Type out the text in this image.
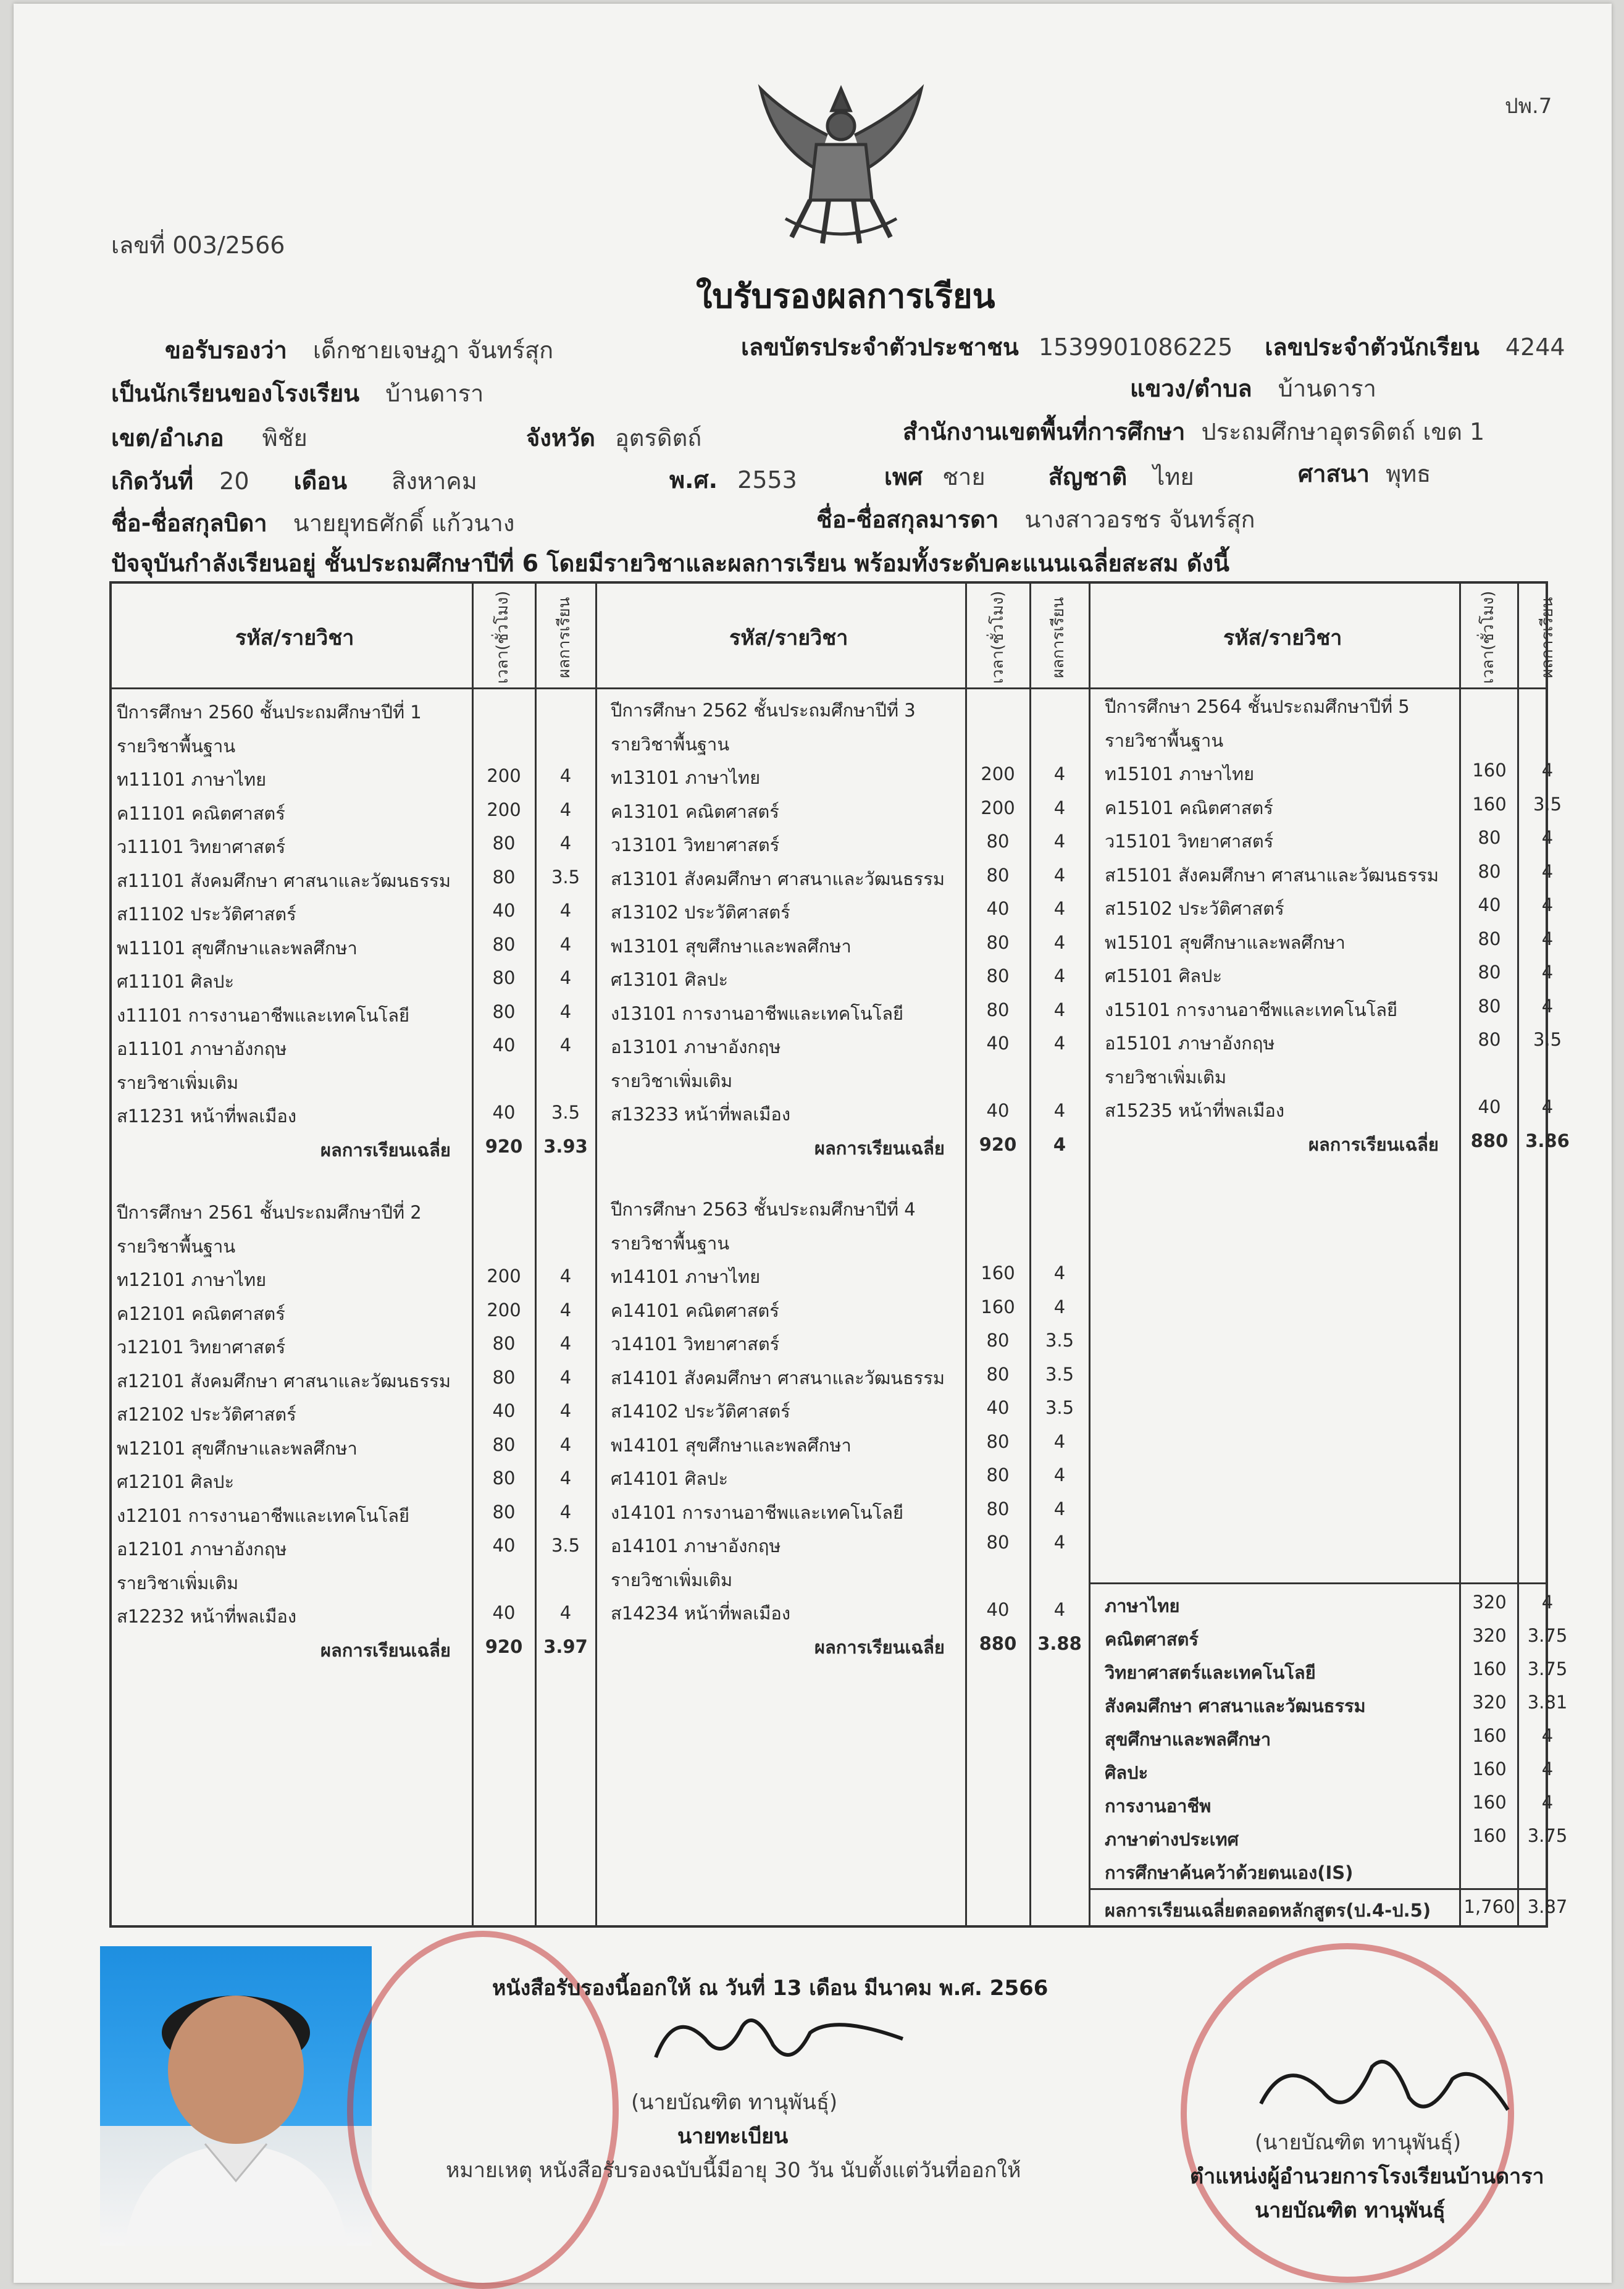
ปพ.7
เลขที่ 003/2566
ใบรับรองผลการเรียน
ขอรับรองว่า เด็กชายเจษฎา จันทร์สุก	เลขบัตรประจำตัวประชาชน 1539901086225 เลขประจำตัวนักเรียน 4244
เป็นนักเรียนของโรงเรียน บ้านดารา	แขวง/ตำบล บ้านดารา
เขต/อำเภอ พิชัย	จังหวัด อุตรดิตถ์	สำนักงานเขตพื้นที่การศึกษา ประถมศึกษาอุตรดิตถ์ เขต 1
เกิดวันที่ 20 เดือน สิงหาคม	พ.ศ. 2553	เพศ ชาย	สัญชาติ ไทย	ศาสนา พุทธ
ชื่อ-ชื่อสกุลบิดา นายยุทธศักดิ์ แก้วนาง	ชื่อ-ชื่อสกุลมารดา นางสาวอรชร จันทร์สุก
ปัจจุบันกำลังเรียนอยู่ ชั้นประถมศึกษาปีที่ 6 โดยมีรายวิชาและผลการเรียน พร้อมทั้งระดับคะแนนเฉลี่ยสะสม ดังนี้
รหัส/รายวิชา	เวลา(ชั่วโมง)	ผลการเรียน	รหัส/รายวิชา	เวลา(ชั่วโมง)	ผลการเรียน	รหัส/รายวิชา	เวลา(ชั่วโมง)	ผลการเรียน
ปีการศึกษา 2560 ชั้นประถมศึกษาปีที่ 1
รายวิชาพื้นฐาน
ท11101 ภาษาไทย	200	4
ค11101 คณิตศาสตร์	200	4
ว11101 วิทยาศาสตร์	80	4
ส11101 สังคมศึกษา ศาสนาและวัฒนธรรม	80	3.5
ส11102 ประวัติศาสตร์	40	4
พ11101 สุขศึกษาและพลศึกษา	80	4
ศ11101 ศิลปะ	80	4
ง11101 การงานอาชีพและเทคโนโลยี	80	4
อ11101 ภาษาอังกฤษ	40	4
รายวิชาเพิ่มเติม
ส11231 หน้าที่พลเมือง	40	3.5
ผลการเรียนเฉลี่ย	920	3.93
ปีการศึกษา 2561 ชั้นประถมศึกษาปีที่ 2
รายวิชาพื้นฐาน
ท12101 ภาษาไทย	200	4
ค12101 คณิตศาสตร์	200	4
ว12101 วิทยาศาสตร์	80	4
ส12101 สังคมศึกษา ศาสนาและวัฒนธรรม	80	4
ส12102 ประวัติศาสตร์	40	4
พ12101 สุขศึกษาและพลศึกษา	80	4
ศ12101 ศิลปะ	80	4
ง12101 การงานอาชีพและเทคโนโลยี	80	4
อ12101 ภาษาอังกฤษ	40	3.5
รายวิชาเพิ่มเติม
ส12232 หน้าที่พลเมือง	40	4
ผลการเรียนเฉลี่ย	920	3.97
ปีการศึกษา 2562 ชั้นประถมศึกษาปีที่ 3
รายวิชาพื้นฐาน
ท13101 ภาษาไทย	200	4
ค13101 คณิตศาสตร์	200	4
ว13101 วิทยาศาสตร์	80	4
ส13101 สังคมศึกษา ศาสนาและวัฒนธรรม	80	4
ส13102 ประวัติศาสตร์	40	4
พ13101 สุขศึกษาและพลศึกษา	80	4
ศ13101 ศิลปะ	80	4
ง13101 การงานอาชีพและเทคโนโลยี	80	4
อ13101 ภาษาอังกฤษ	40	4
รายวิชาเพิ่มเติม
ส13233 หน้าที่พลเมือง	40	4
ผลการเรียนเฉลี่ย	920	4
ปีการศึกษา 2563 ชั้นประถมศึกษาปีที่ 4
รายวิชาพื้นฐาน
ท14101 ภาษาไทย	160	4
ค14101 คณิตศาสตร์	160	4
ว14101 วิทยาศาสตร์	80	3.5
ส14101 สังคมศึกษา ศาสนาและวัฒนธรรม	80	3.5
ส14102 ประวัติศาสตร์	40	3.5
พ14101 สุขศึกษาและพลศึกษา	80	4
ศ14101 ศิลปะ	80	4
ง14101 การงานอาชีพและเทคโนโลยี	80	4
อ14101 ภาษาอังกฤษ	80	4
รายวิชาเพิ่มเติม
ส14234 หน้าที่พลเมือง	40	4
ผลการเรียนเฉลี่ย	880	3.88
ปีการศึกษา 2564 ชั้นประถมศึกษาปีที่ 5
รายวิชาพื้นฐาน
ท15101 ภาษาไทย	160	4
ค15101 คณิตศาสตร์	160	3.5
ว15101 วิทยาศาสตร์	80	4
ส15101 สังคมศึกษา ศาสนาและวัฒนธรรม	80	4
ส15102 ประวัติศาสตร์	40	4
พ15101 สุขศึกษาและพลศึกษา	80	4
ศ15101 ศิลปะ	80	4
ง15101 การงานอาชีพและเทคโนโลยี	80	4
อ15101 ภาษาอังกฤษ	80	3.5
รายวิชาเพิ่มเติม
ส15235 หน้าที่พลเมือง	40	4
ผลการเรียนเฉลี่ย	880 3.86
ภาษาไทย	320	4
คณิตศาสตร์	320	3.75
วิทยาศาสตร์และเทคโนโลยี	160	3.75
สังคมศึกษา ศาสนาและวัฒนธรรม	320	3.81
สุขศึกษาและพลศึกษา	160	4
ศิลปะ	160	4
การงานอาชีพ	160	4
ภาษาต่างประเทศ	160	3.75
การศึกษาค้นคว้าด้วยตนเอง(IS)
ผลการเรียนเฉลี่ยตลอดหลักสูตร(ป.4-ป.5) 1,760 3.87
หนังสือรับรองนี้ออกให้ ณ วันที่ 13 เดือน มีนาคม พ.ศ. 2566
(นายบัณฑิต ทานุพันธุ์)
นายทะเบียน
หมายเหตุ หนังสือรับรองฉบับนี้มีอายุ 30 วัน นับตั้งแต่วันที่ออกให้
(นายบัณฑิต ทานุพันธุ์)
ตำแหน่งผู้อำนวยการโรงเรียนบ้านดารา
นายบัณฑิต ทานุพันธุ์
